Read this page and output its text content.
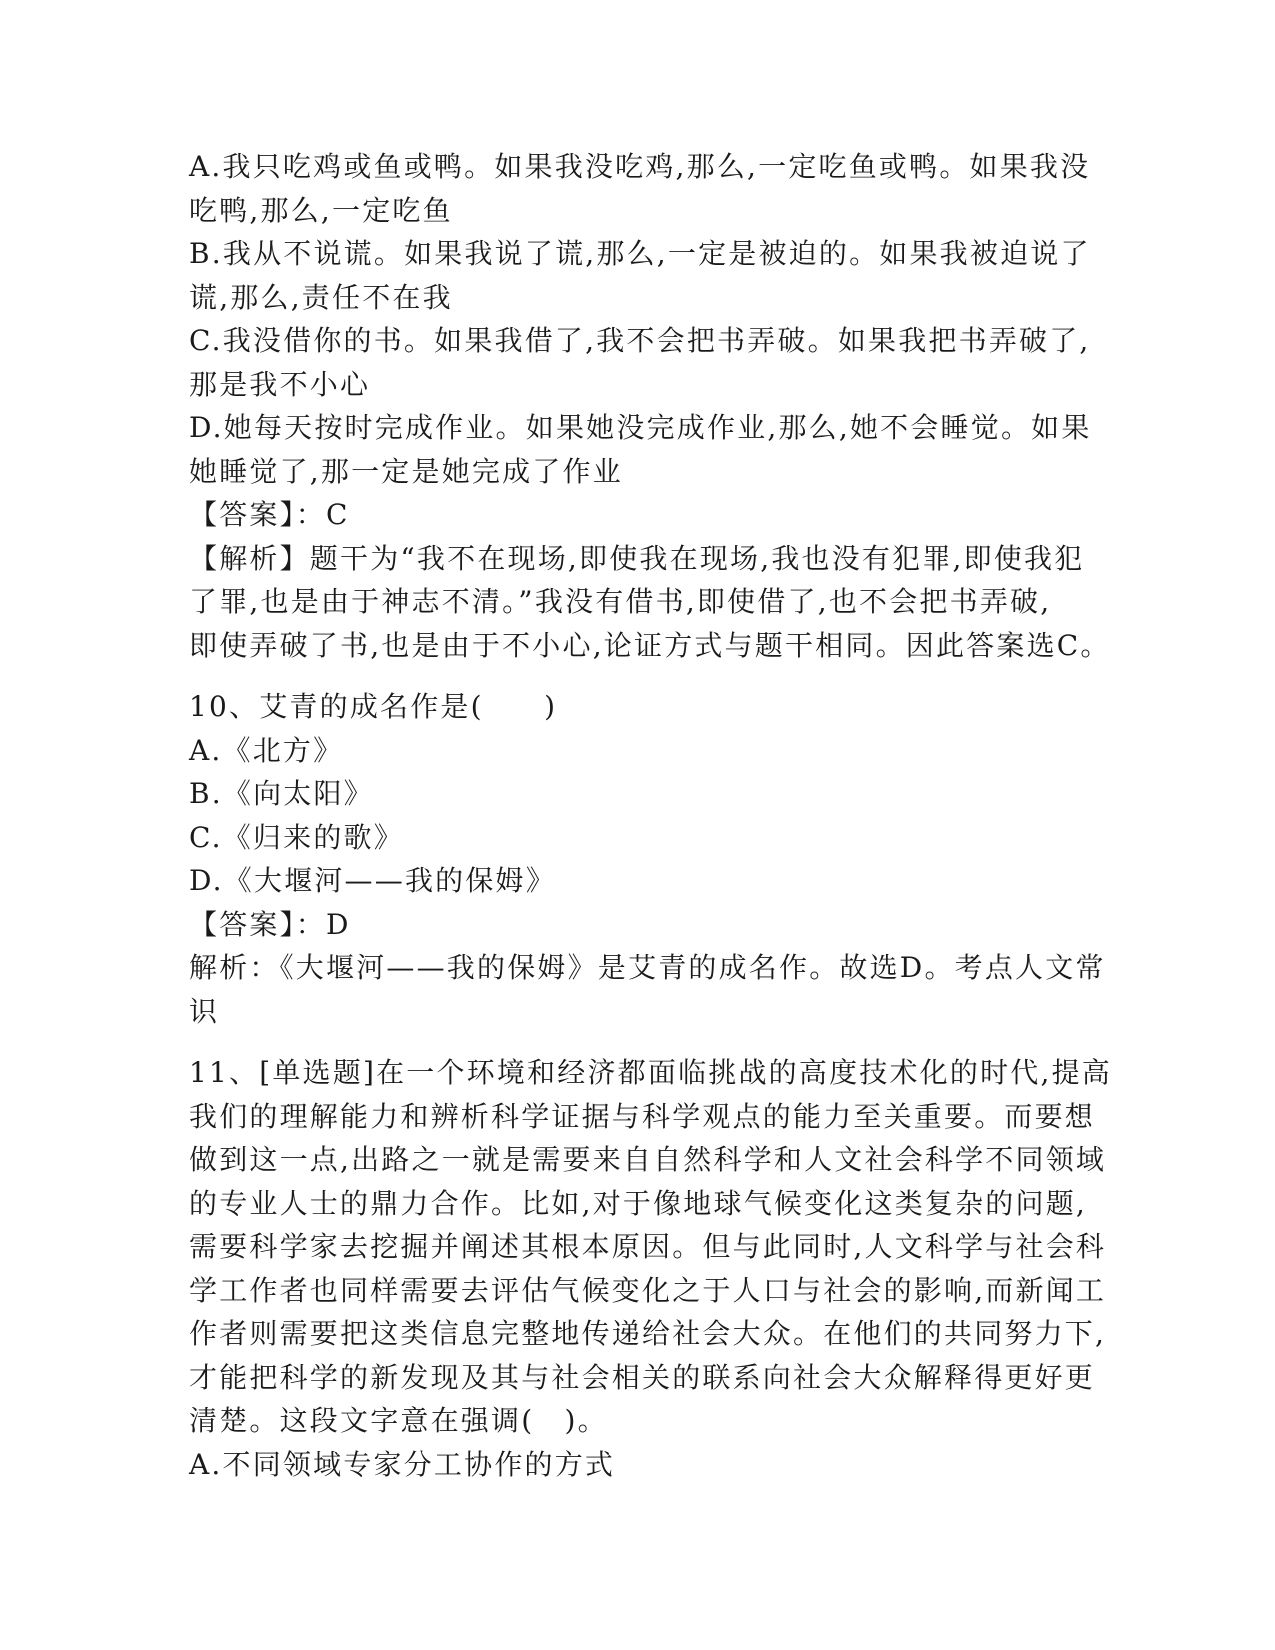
A.我只吃鸡或鱼或鸭。如果我没吃鸡,那么,一定吃鱼或鸭。如果我没
吃鸭,那么,一定吃鱼
B.我从不说谎。如果我说了谎,那么,一定是被迫的。如果我被迫说了
谎,那么,责任不在我
C.我没借你的书。如果我借了,我不会把书弄破。如果我把书弄破了,
那是我不小心
D.她每天按时完成作业。如果她没完成作业,那么,她不会睡觉。如果
她睡觉了,那一定是她完成了作业
【答案】：C
【解析】题干为“我不在现场,即使我在现场,我也没有犯罪,即使我犯
了罪,也是由于神志不清。”我没有借书,即使借了,也不会把书弄破,
即使弄破了书,也是由于不小心,论证方式与题干相同。因此答案选C。
10、艾青的成名作是(　　)
A.《北方》
B.《向太阳》
C.《归来的歌》
D.《大堰河——我的保姆》
【答案】：D
解析：《大堰河——我的保姆》是艾青的成名作。故选D。考点人文常
识
11、[单选题]在一个环境和经济都面临挑战的高度技术化的时代,提高
我们的理解能力和辨析科学证据与科学观点的能力至关重要。而要想
做到这一点,出路之一就是需要来自自然科学和人文社会科学不同领域
的专业人士的鼎力合作。比如,对于像地球气候变化这类复杂的问题,
需要科学家去挖掘并阐述其根本原因。但与此同时,人文科学与社会科
学工作者也同样需要去评估气候变化之于人口与社会的影响,而新闻工
作者则需要把这类信息完整地传递给社会大众。在他们的共同努力下,
才能把科学的新发现及其与社会相关的联系向社会大众解释得更好更
清楚。这段文字意在强调(　)。
A.不同领域专家分工协作的方式
